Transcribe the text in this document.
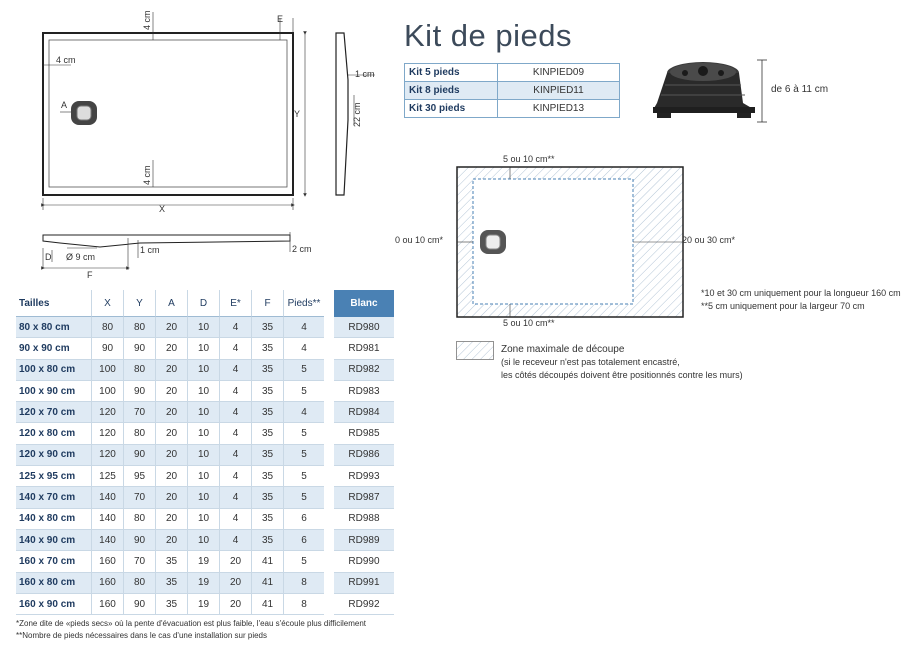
4 cm
4 cm
4 cm
E
A
X
Y
1 cm
22 cm
D Ø 9 cm
1 cm	2 cm
F
Kit de pieds
Kit 5 pieds	KINPIED09
Kit 8 pieds	KINPIED11
Kit 30 pieds	KINPIED13
de 6 à 11 cm
5 ou 10 cm**
5 ou 10 cm**
0 ou 10 cm*	20 ou 30 cm*
*10 et 30 cm uniquement pour la longueur 160 cm
**5 cm uniquement pour la largeur 70 cm
Zone maximale de découpe
(si le receveur n'est pas totalement encastré,
les côtés découpés doivent être positionnés contre les murs)
Tailles	X	Y	A	D	E*	F	Pieds**		Blanc
80 x 80 cm	80	80	20	10	4	35	4		RD980
90 x 90 cm	90	90	20	10	4	35	4		RD981
100 x 80 cm	100	80	20	10	4	35	5		RD982
100 x 90 cm	100	90	20	10	4	35	5		RD983
120 x 70 cm	120	70	20	10	4	35	4		RD984
120 x 80 cm	120	80	20	10	4	35	5		RD985
120 x 90 cm	120	90	20	10	4	35	5		RD986
125 x 95 cm	125	95	20	10	4	35	5		RD993
140 x 70 cm	140	70	20	10	4	35	5		RD987
140 x 80 cm	140	80	20	10	4	35	6		RD988
140 x 90 cm	140	90	20	10	4	35	6		RD989
160 x 70 cm	160	70	35	19	20	41	5		RD990
160 x 80 cm	160	80	35	19	20	41	8		RD991
160 x 90 cm	160	90	35	19	20	41	8		RD992
*Zone dite de «pieds secs» où la pente d'évacuation est plus faible, l'eau s'écoule plus difficilement
**Nombre de pieds nécessaires dans le cas d'une installation sur pieds
